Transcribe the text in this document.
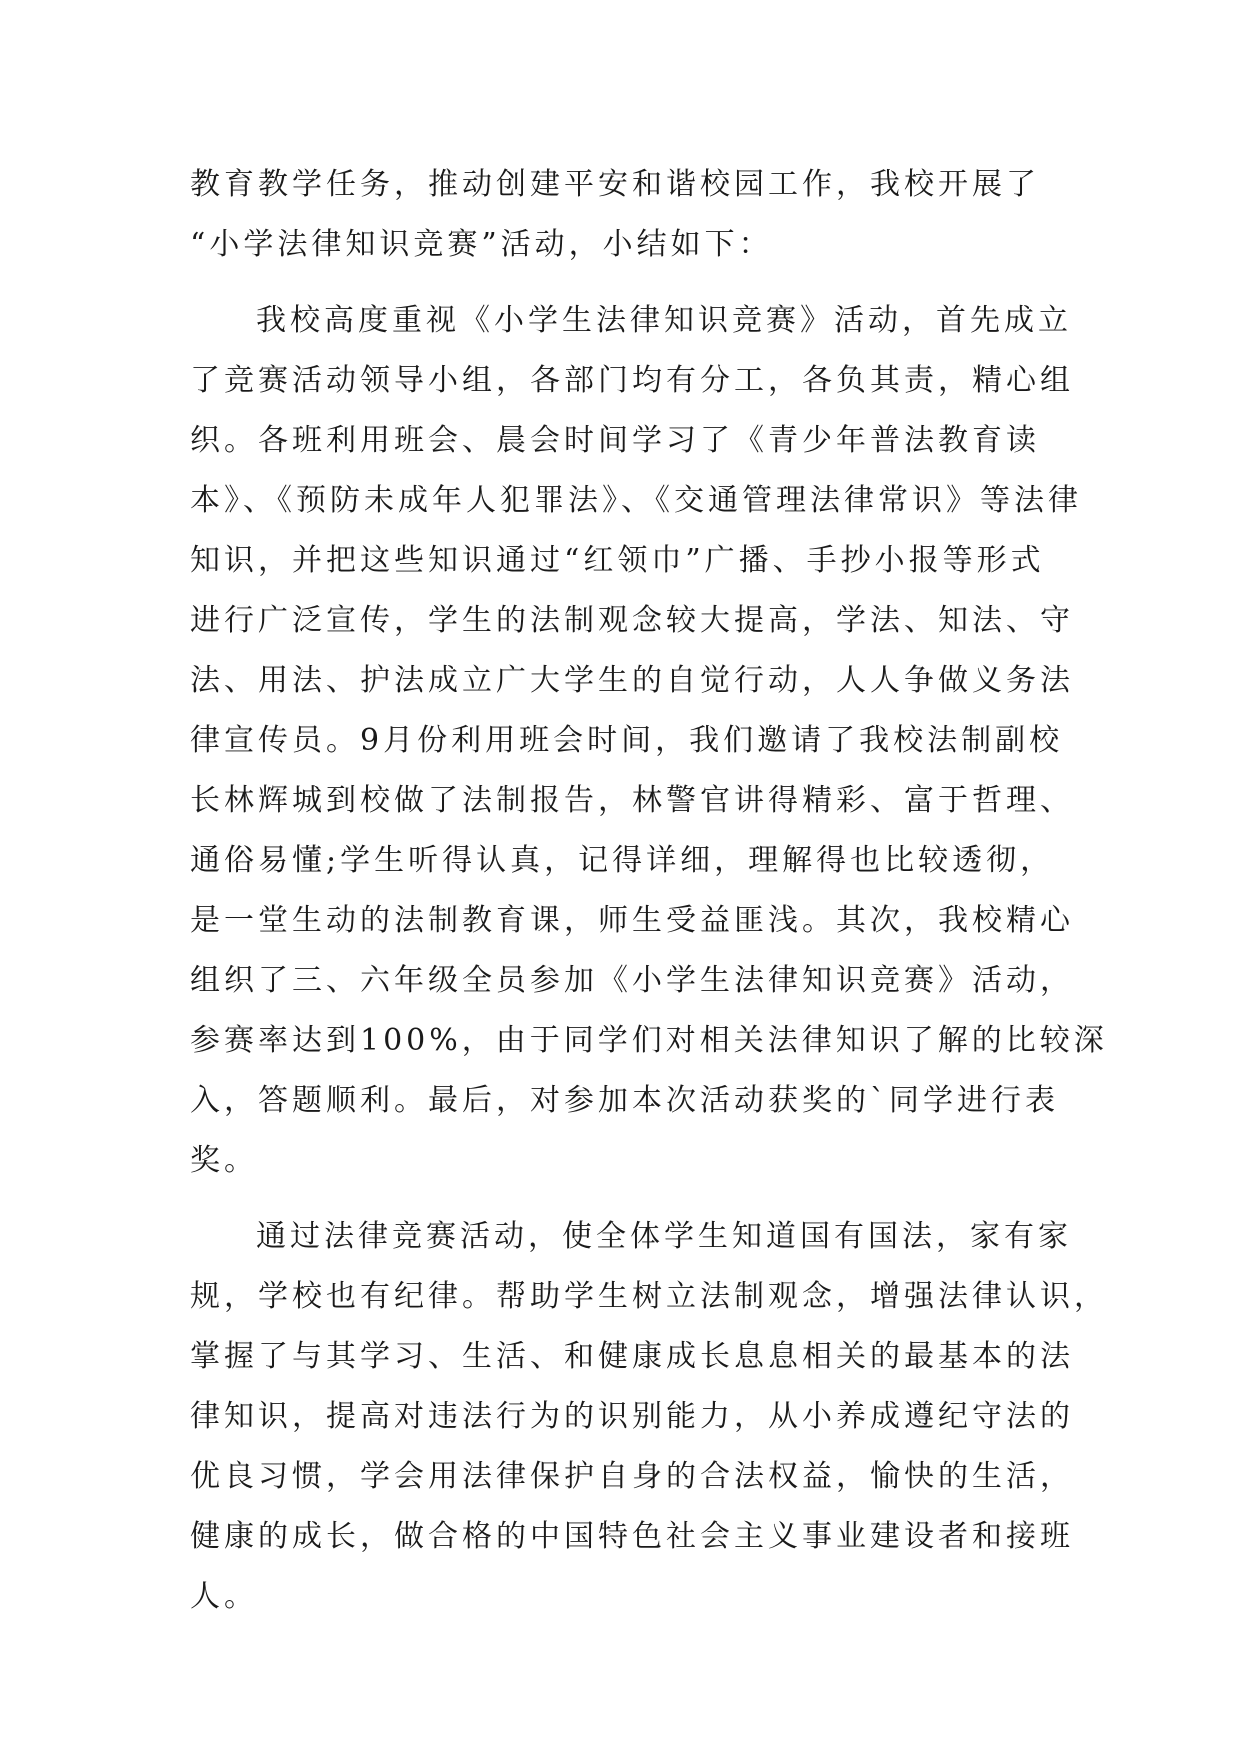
教育教学任务，推动创建平安和谐校园工作，我校开展了
“小学法律知识竞赛”活动，小结如下：
我校高度重视《小学生法律知识竞赛》活动，首先成立
了竞赛活动领导小组，各部门均有分工，各负其责，精心组
织。各班利用班会、晨会时间学习了《青少年普法教育读
本》、《预防未成年人犯罪法》、《交通管理法律常识》等法律
知识，并把这些知识通过“红领巾”广播、手抄小报等形式
进行广泛宣传，学生的法制观念较大提高，学法、知法、守
法、用法、护法成立广大学生的自觉行动，人人争做义务法
律宣传员。9月份利用班会时间，我们邀请了我校法制副校
长林辉城到校做了法制报告，林警官讲得精彩、富于哲理、
通俗易懂;学生听得认真，记得详细，理解得也比较透彻，
是一堂生动的法制教育课，师生受益匪浅。其次，我校精心
组织了三、六年级全员参加《小学生法律知识竞赛》活动，
参赛率达到100%，由于同学们对相关法律知识了解的比较深
入，答题顺利。最后，对参加本次活动获奖的`同学进行表
奖。
通过法律竞赛活动，使全体学生知道国有国法，家有家
规，学校也有纪律。帮助学生树立法制观念，增强法律认识，
掌握了与其学习、生活、和健康成长息息相关的最基本的法
律知识，提高对违法行为的识别能力，从小养成遵纪守法的
优良习惯，学会用法律保护自身的合法权益，愉快的生活，
健康的成长，做合格的中国特色社会主义事业建设者和接班
人。
